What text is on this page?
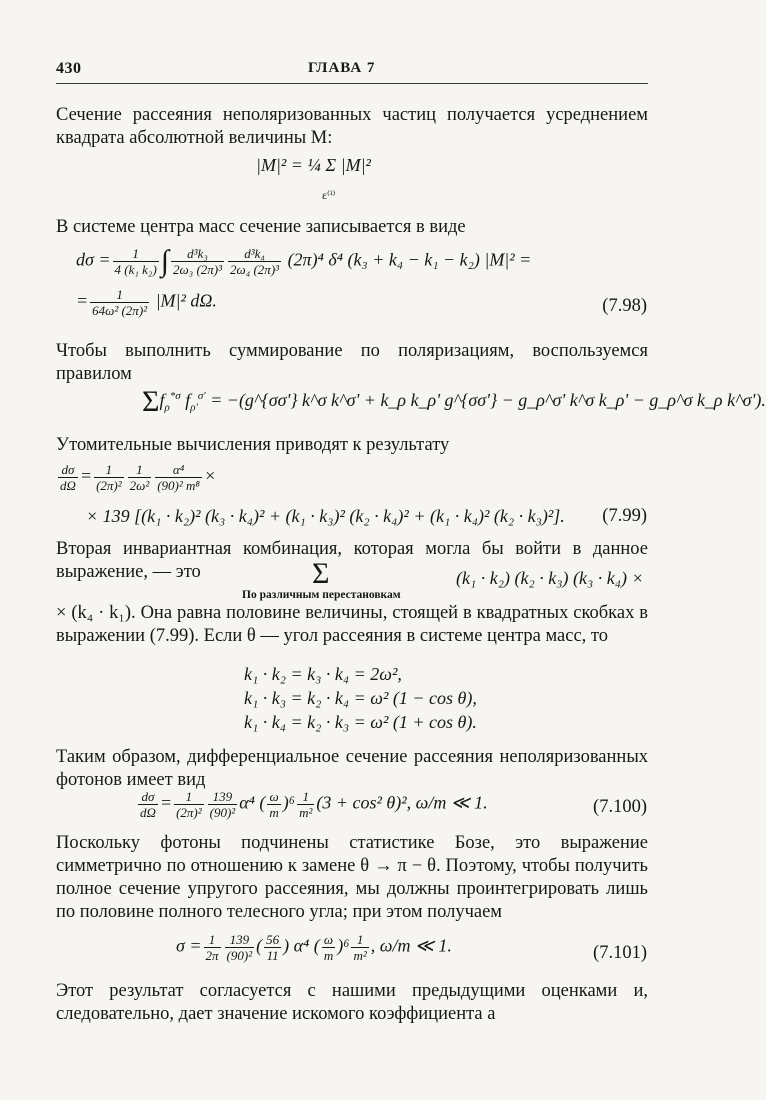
430	ГЛАВА 7
Сечение рассеяния неполяризованных частиц получается усреднением квадрата абсолютной величины M:
|M|² = ¼ Σ |M|²
ε⁽ⁱ⁾
В системе центра масс сечение записывается в виде
$d\sigma = \frac{1}{\text{4 (k₁ k₂)}}$ ∫ $\frac{\text{d³k₃}}{\text{2ω₃ (2π)³}} \frac{\text{d³k₄}}{\text{2ω₄ (2π)³}} (2\pi)^4$ δ⁴ (k₃ + k₄ − k₁ − k₂) |M|² =
= $\frac{1}{\text{64ω² (2π)²}} |M|^2$ dΩ.	(7.98)
Чтобы выполнить суммирование по поляризациям, воспользуемся правилом
$\Sigma f_\rho^{*\sigma}$ $f_{\rho'}^{\sigma'}$ = −(g^{σσ'} k^σ k^σ' + k_ρ k_ρ' g^{σσ'} − g_ρ^σ' k^σ k_ρ' − g_ρ^σ k_ρ k^σ').
Утомительные вычисления приводят к результату
$\frac{d\sigma}{d\Omega} = \frac{1}{\text{(2π)²}} \frac{1}{\text{2ω²}} \frac{\text{α⁴}}{\text{(90)² m⁸}}$ ×
× 139 [(k₁ · k₂)² (k₃ · k₄)² + (k₁ · k₃)² (k₂ · k₄)² + (k₁ · k₄)² (k₂ · k₃)²]. (7.99)
Вторая инвариантная комбинация, которая могла бы войти в данное выражение, — это	Σ	(k₁ · k₂) (k₂ · k₃) (k₃ · k₄) ×
По различным перестановкам
× (k₄ · k₁). Она равна половине величины, стоящей в квадратных скобках в выражении (7.99). Если θ — угол рассеяния в системе центра масс, то
k₁ · k₂ = k₃ · k₄ = 2ω²,
k₁ · k₃ = k₂ · k₄ = ω² (1 − cos θ),
k₁ · k₄ = k₂ · k₃ = ω² (1 + cos θ).
Таким образом, дифференциальное сечение рассеяния неполяризованных фотонов имеет вид
$\frac{d\sigma}{d\Omega} = \frac{1}{\text{(2π)²}} \frac{139}{\text{(90)²}} \alpha^4$ ( $\frac{\omega}{m} )^6 \frac{1}{\text{m²}} (3 + \cos^2$ θ)², ω/m ≪ 1.	(7.100)
Поскольку фотоны подчинены статистике Бозе, это выражение симметрично по отношению к замене θ → π − θ. Поэтому, чтобы получить полное сечение упругого рассеяния, мы должны проинтегрировать лишь по половине полного телесного угла; при этом получаем
$\sigma = \frac{1}{2\pi} \frac{139}{\text{(90)²}}$ ( $\frac{56}{11}$ ) α⁴ ( $\frac{\omega}{m} )^6 \frac{1}{\text{m²}}$ , ω/m ≪ 1.	(7.101)
Этот результат согласуется с нашими предыдущими оценками и, следовательно, дает значение искомого коэффициента a
